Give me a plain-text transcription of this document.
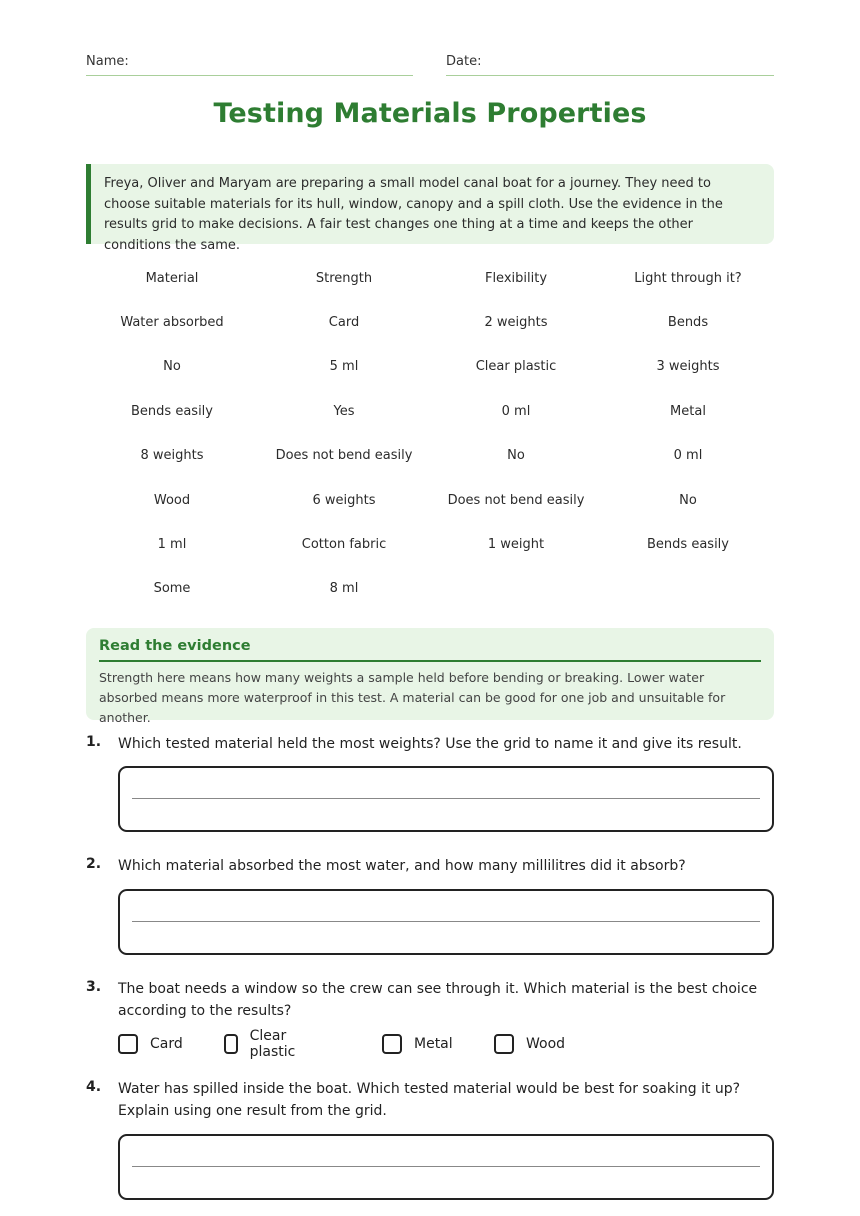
Name:	Date:
Testing Materials Properties
Freya, Oliver and Maryam are preparing a small model canal boat for a journey. They need to choose suitable materials for its hull, window, canopy and a spill cloth. Use the evidence in the results grid to make decisions. A fair test changes one thing at a time and keeps the other conditions the same.
Material	Strength	Flexibility	Light through it?
Water absorbed	Card	2 weights	Bends
No	5 ml	Clear plastic	3 weights
Bends easily	Yes	0 ml	Metal
8 weights	Does not bend easily	No	0 ml
Wood	6 weights	Does not bend easily	No
1 ml	Cotton fabric	1 weight	Bends easily
Some	8 ml
Read the evidence
Strength here means how many weights a sample held before bending or breaking. Lower water absorbed means more waterproof in this test. A material can be good for one job and unsuitable for another.
1. Which tested material held the most weights? Use the grid to name it and give its result.
2. Which material absorbed the most water, and how many millilitres did it absorb?
3. The boat needs a window so the crew can see through it. Which material is the best choice according to the results?
Card	Clear plastic	Metal	Wood
4. Water has spilled inside the boat. Which tested material would be best for soaking it up? Explain using one result from the grid.
